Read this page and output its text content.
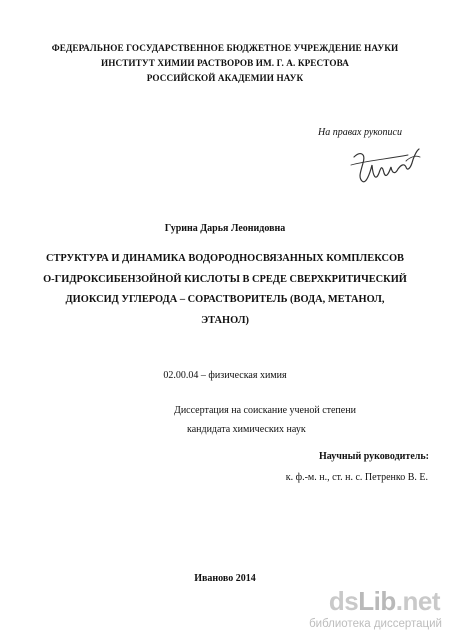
ФЕДЕРАЛЬНОЕ ГОСУДАРСТВЕННОЕ БЮДЖЕТНОЕ УЧРЕЖДЕНИЕ НАУКИ
ИНСТИТУТ ХИМИИ РАСТВОРОВ ИМ. Г. А. КРЕСТОВА
РОССИЙСКОЙ АКАДЕМИИ НАУК
На правах рукописи
Гурина Дарья Леонидовна
СТРУКТУРА И ДИНАМИКА ВОДОРОДНОСВЯЗАННЫХ КОМПЛЕКСОВ
О-ГИДРОКСИБЕНЗОЙНОЙ КИСЛОТЫ В СРЕДЕ СВЕРХКРИТИЧЕСКИЙ
ДИОКСИД УГЛЕРОДА – СОРАСТВОРИТЕЛЬ (ВОДА, МЕТАНОЛ,
ЭТАНОЛ)
02.00.04 – физическая химия
Диссертация на соискание ученой степени
кандидата химических наук
Научный руководитель:
к. ф.-м. н., ст. н. с. Петренко В. Е.
Иваново 2014
dsLib.net
библиотека диссертаций
